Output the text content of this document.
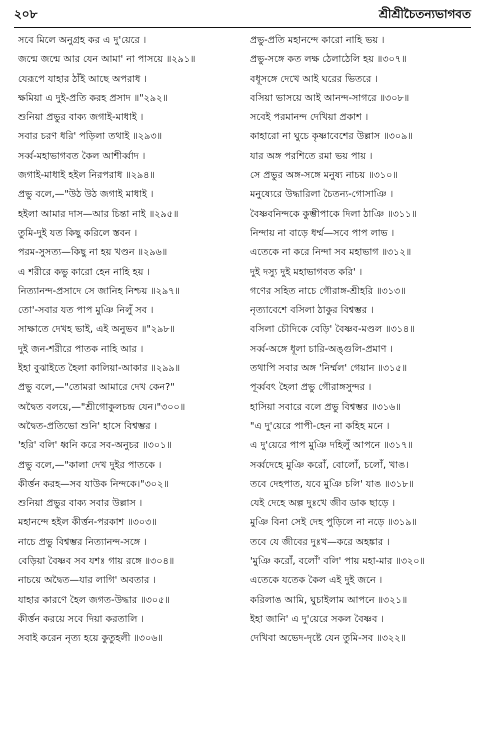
২০৮	শ্রীশ্রীচৈতন্যভাগবত
সবে মিলে অনুগ্রহ কর এ দু'য়েরে ।
জন্মে জন্মে আর যেন আমা' না পাসয়ে ॥২৯১॥
যেরূপে যাহার ঠাঁই আছে অপরাধ ।
ক্ষমিয়া এ দুই-প্রতি করহ প্রসাদ ॥"২৯২॥
শুনিয়া প্রভুর বাক্য জগাই-মাধাই ।
সবার চরণ ধরি' পড়িলা তথাই ॥২৯৩॥
সর্ব্ব-মহাভাগবত কৈল আশীর্ব্বাদ ।
জগাই-মাধাই হইল নিরপরাধ ॥২৯৪॥
প্রভু বলে,—"উঠ উঠ জগাই মাধাই ।
হইলা আমার দাস—আর চিন্তা নাই ॥২৯৫॥
তুমি-দুই যত কিছু করিলে স্তবন ।
পরম-সুসত্য—কিছু না হয় খণ্ডন ॥২৯৬॥
এ শরীরে কভু কারো হেন নাহি হয় ।
নিত্যানন্দ-প্রসাদে সে জানিহ নিশ্চয় ॥২৯৭॥
তো'-সবার যত পাপ মুঞি নিলুঁ সব ।
সাক্ষাতে দেখহ ভাই, এই অনুভব ॥"২৯৮॥
দুই জন-শরীরে পাতক নাহি আর ।
ইহা বুঝাইতে হৈলা কালিয়া-আকার ॥২৯৯॥
প্রভু বলে,—"তোমরা আমারে দেখ কেন?"
অদ্বৈত বলয়ে,—"শ্রীগোকুলচন্দ্র যেন।"৩০০॥
অদ্বৈত-প্রতিভো শুনি' হাসে বিশ্বম্ভর ।
'হরি' বলি' ধ্বনি করে সব-অনুচর ॥৩০১॥
প্রভু বলে,—"কালা দেখ দুইর পাতকে ।
কীর্ত্তন করহ—সব যাউক নিন্দকে।"৩০২॥
শুনিয়া প্রভুর বাক্য সবার উল্লাস ।
মহানন্দে হইল কীর্ত্তন-পরকাশ ॥৩০৩॥
নাচে প্রভু বিশ্বম্ভর নিত্যানন্দ-সঙ্গে ।
বেড়িয়া বৈষ্ণব সব যশঃ গায় রঙ্গে ॥৩০৪॥
নাচয়ে অদ্বৈত—যার লাগি' অবতার ।
যাহার কারণে হৈল জগত-উদ্ধার ॥৩০৫॥
কীর্ত্তন করয়ে সবে দিয়া করতালি ।
সবাই করেন নৃত্য হয়ে কুতুহলী ॥৩০৬॥
প্রভু-প্রতি মহানন্দে কারো নাহি ভয় ।
প্রভু-সঙ্গে কত লক্ষ ঠেলাঠেলি হয় ॥৩০৭॥
বধূসঙ্গে দেখে আই ঘরের ভিতরে ।
বসিয়া ভাসয়ে আই আনন্দ-সাগরে ॥৩০৮॥
সবেই পরমানন্দ দেখিয়া প্রকাশ ।
কাহারো না ঘুচে কৃষ্ণাবেশের উল্লাস ॥৩০৯॥
যার অঙ্গ পরশিতে রমা ভয় পায় ।
সে প্রভুর অঙ্গ-সঙ্গে মনুষ্য নাচয় ॥৩১০॥
মনুষ্যেরে উদ্ধারিলা চৈতন্য-গোসাঞি ।
বৈষ্ণবনিন্দকে কুম্ভীপাকে দিলা ঠাঞি ॥৩১১॥
নিন্দায় না বাড়ে ধর্ম্ম—সবে পাপ লাভ ।
এতেকে না করে নিন্দা সব মহাভাগ ॥৩১২॥
দুই দস্যু দুই মহাভাগবত করি' ।
গণের সহিত নাচে গৌরাঙ্গ-শ্রীহরি ॥৩১৩॥
নৃত্যাবেশে বসিলা ঠাকুর বিশ্বম্ভর ।
বসিলা চৌদিকে বেড়ি' বৈষ্ণব-মণ্ডল ॥৩১৪॥
সর্ব্ব-অঙ্গে ধূলা চারি-অঙ্গুলি-প্রমাণ ।
তথাপি সবার অঙ্গ 'নির্ম্মল' গেয়ান ॥৩১৫॥
পূর্ব্ববৎ হৈলা প্রভু গৌরাঙ্গসুন্দর ।
হাসিয়া সবারে বলে প্রভু বিশ্বম্ভর ॥৩১৬॥
"এ দু'য়েরে পাপী-হেন না কহিহ মনে ।
এ দু'য়েরে পাপ মুঞি দহিলুঁ আপনে ॥৩১৭॥
সর্ব্বদেহে মুঞি করোঁ, বোলোঁ, চলোঁ, খাঙ।
তবে দেহপাত, যবে মুঞি চলি' যাঙ ॥৩১৮॥
যেই দেহে অল্প দুঃখে জীব ডাক ছাড়ে ।
মুঞি বিনা সেই দেহ পুড়িলে না নড়ে ॥৩১৯॥
তবে যে জীবের দুঃখ—করে অহঙ্কার ।
'মুঞি করোঁ, বলোঁ' বলি' পায় মহা-মার ॥৩২০॥
এতেকে যতেক কৈল এই দুই জনে ।
করিলাঙ আমি, ঘুচাইলাম আপনে ॥৩২১॥
ইহা জানি' এ দু'য়েরে সকল বৈষ্ণব ।
দেখিবা অভেদ-দৃষ্টে যেন তুমি-সব ॥৩২২॥
